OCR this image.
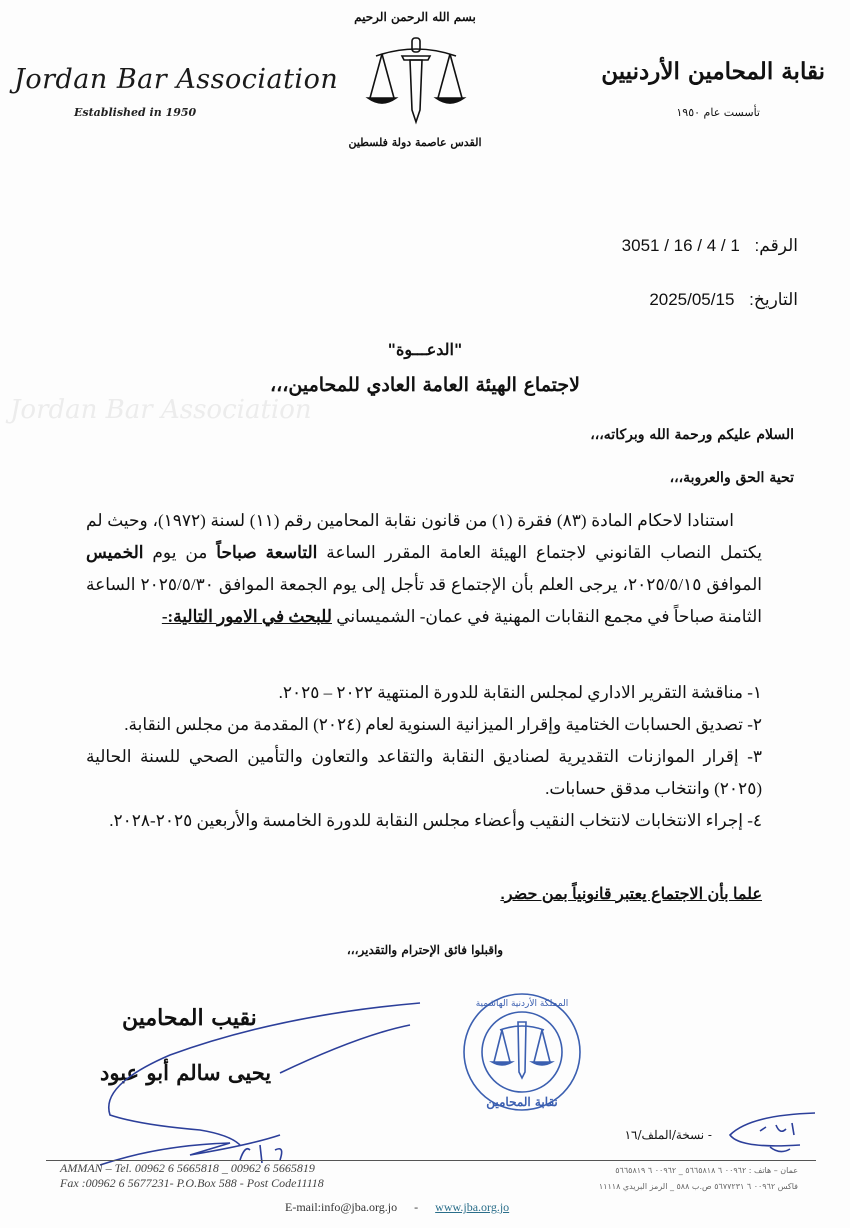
Jordan Bar Association
Jordan Bar Association
Established in 1950
بسم الله الرحمن الرحيم
القدس عاصمة دولة فلسطين
نقابة المحامين الأردنيين
تأسست عام ١٩٥٠
الرقم: 3051 / 16 / 4 / 1
التاريخ: 2025/05/15
"الدعـــوة"
لاجتماع الهيئة العامة العادي للمحامين،،،
السلام عليكم ورحمة الله وبركاته،،،
تحية الحق والعروبة،،،
استنادا لاحكام المادة (٨٣) فقرة (١) من قانون نقابة المحامين رقم (١١) لسنة (١٩٧٢)، وحيث لم يكتمل النصاب القانوني لاجتماع الهيئة العامة المقرر الساعة التاسعة صباحاً من يوم الخميس الموافق ٢٠٢٥/٥/١٥، يرجى العلم بأن الإجتماع قد تأجل إلى يوم الجمعة الموافق ٢٠٢٥/٥/٣٠ الساعة الثامنة صباحاً في مجمع النقابات المهنية في عمان- الشميساني للبحث في الامور التالية:-

١- مناقشة التقرير الاداري لمجلس النقابة للدورة المنتهية ٢٠٢٢ – ٢٠٢٥.

٢- تصديق الحسابات الختامية وإقرار الميزانية السنوية لعام (٢٠٢٤) المقدمة من مجلس النقابة.

٣- إقرار الموازنات التقديرية لصناديق النقابة والتقاعد والتعاون والتأمين الصحي للسنة الحالية (٢٠٢٥) وانتخاب مدقق حسابات.

٤- إجراء الانتخابات لانتخاب النقيب وأعضاء مجلس النقابة للدورة الخامسة والأربعين ٢٠٢٥-٢٠٢٨.

علما بأن الاجتماع يعتبر قانونياً بمن حضر.
واقبلوا فائق الإحترام والتقدير،،،
نقيب المحامين
يحيى سالم أبو عبود
المملكة الأردنية الهاشمية
نقابة المحامين
- نسخة/الملف/١٦
AMMAN – Tel. 00962 6 5665818 _ 00962 6 5665819
Fax :00962 6 5677231- P.O.Box 588 - Post Code11118
عمان – هاتف : ٠٠٩٦٢ ٦ ٥٦٦٥٨١٨ _ ٠٠٩٦٢ ٦ ٥٦٦٥٨١٩
فاكس ٠٠٩٦٢ ٦ ٥٦٧٧٢٣١ ص.ب ٥٨٨ _ الرمز البريدي ١١١١٨
E-mail:info@jba.org.jo - www.jba.org.jo
